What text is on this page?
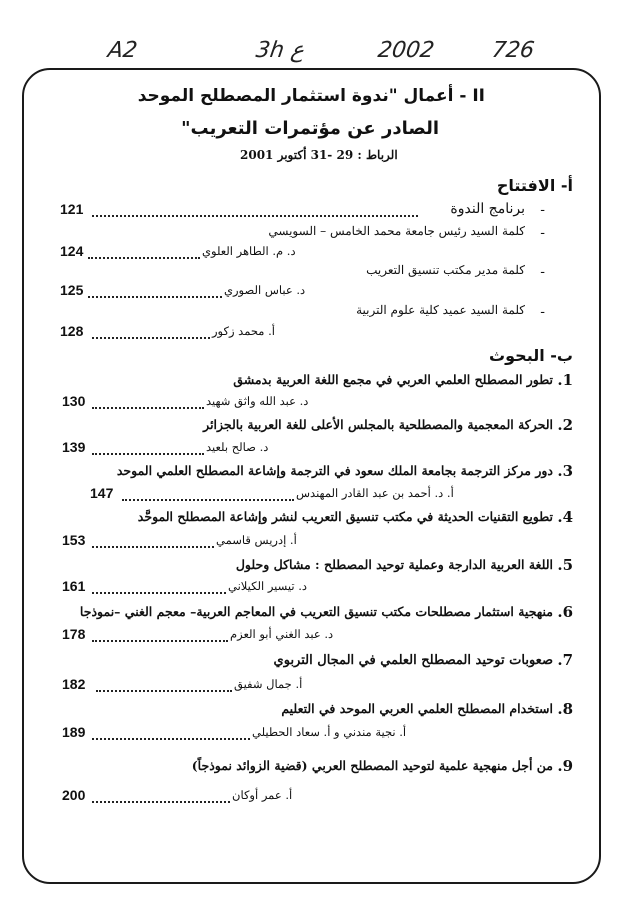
A2	3h ع	2002 726
II - أعمال "ندوة استثمار المصطلح الموحد
الصادر عن مؤتمرات التعريب"
الرباط : 29 -31 أكتوبر 2001
أ- الافتتاح
-
برنامج الندوة
121
-
كلمة السيد رئيس جامعة محمد الخامس – السويسي
د. م. الطاهر العلوي
124
-
كلمة مدير مكتب تنسيق التعريب
د. عباس الصوري
125
-
كلمة السيد عميد كلية علوم التربية
أ. محمد زكور
128
ب- البحوث
1.
تطور المصطلح العلمي العربي في مجمع اللغة العربية بدمشق
د. عبد الله واثق شهيد
130
2.
الحركة المعجمية والمصطلحية بالمجلس الأعلى للغة العربية بالجزائر
د. صالح بلعيد
139
3.
دور مركز الترجمة بجامعة الملك سعود في الترجمة وإشاعة المصطلح العلمي الموحد
أ. د. أحمد بن عبد القادر المهندس
147
4.
تطويع التقنيات الحديثة في مكتب تنسيق التعريب لنشر وإشاعة المصطلح الموحَّد
أ. إدريس قاسمي
153
5.
اللغة العربية الدارجة وعملية توحيد المصطلح : مشاكل وحلول
د. تيسير الكيلاني
161
6.
منهجية استثمار مصطلحات مكتب تنسيق التعريب في المعاجم العربية– معجم الغني –نموذجا
د. عبد الغني أبو العزم
178
7.
صعوبات توحيد المصطلح العلمي في المجال التربوي
أ. جمال شفيق
182
8.
استخدام المصطلح العلمي العربي الموحد في التعليم
أ. نجية مندني و أ. سعاد الحطيلي
189
9.
من أجل منهجية علمية لتوحيد المصطلح العربي (قضية الزوائد نموذجاً)
أ. عمر أوكان
200
